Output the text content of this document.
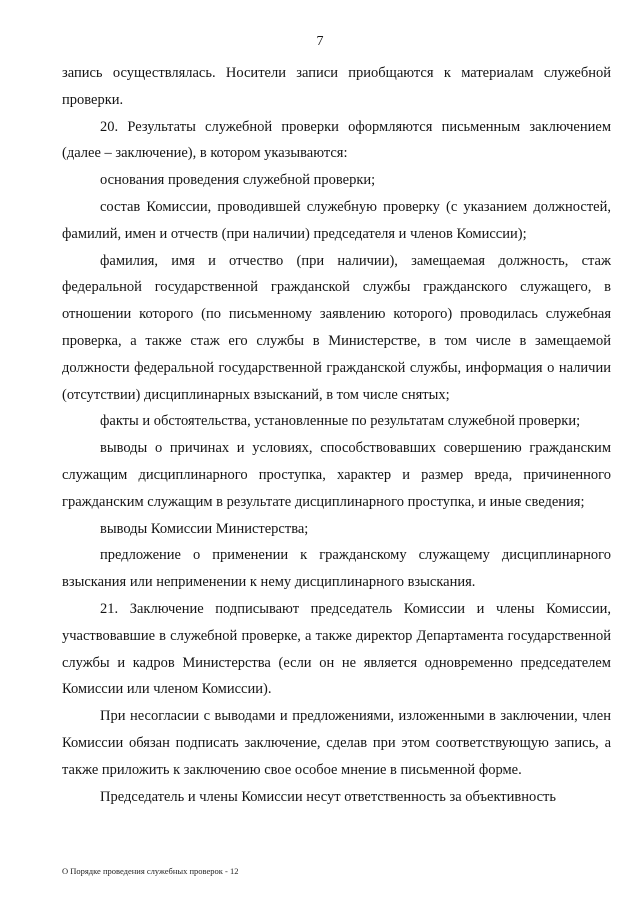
7

запись осуществлялась. Носители записи приобщаются к материалам служебной проверки.

20. Результаты служебной проверки оформляются письменным заключением (далее – заключение), в котором указываются:

основания проведения служебной проверки;

состав Комиссии, проводившей служебную проверку (с указанием должностей, фамилий, имен и отчеств (при наличии) председателя и членов Комиссии);

фамилия, имя и отчество (при наличии), замещаемая должность, стаж федеральной государственной гражданской службы гражданского служащего, в отношении которого (по письменному заявлению которого) проводилась служебная проверка, а также стаж его службы в Министерстве, в том числе в замещаемой должности федеральной государственной гражданской службы, информация о наличии (отсутствии) дисциплинарных взысканий, в том числе снятых;

факты и обстоятельства, установленные по результатам служебной проверки;

выводы о причинах и условиях, способствовавших совершению гражданским служащим дисциплинарного проступка, характер и размер вреда, причиненного гражданским служащим в результате дисциплинарного проступка, и иные сведения;

выводы Комиссии Министерства;

предложение о применении к гражданскому служащему дисциплинарного взыскания или неприменении к нему дисциплинарного взыскания.

21. Заключение подписывают председатель Комиссии и члены Комиссии, участвовавшие в служебной проверке, а также директор Департамента государственной службы и кадров Министерства (если он не является одновременно председателем Комиссии или членом Комиссии).

При несогласии с выводами и предложениями, изложенными в заключении, член Комиссии обязан подписать заключение, сделав при этом соответствующую запись, а также приложить к заключению свое особое мнение в письменной форме.

Председатель и члены Комиссии несут ответственность за объективность

О Порядке проведения служебных проверок - 12
